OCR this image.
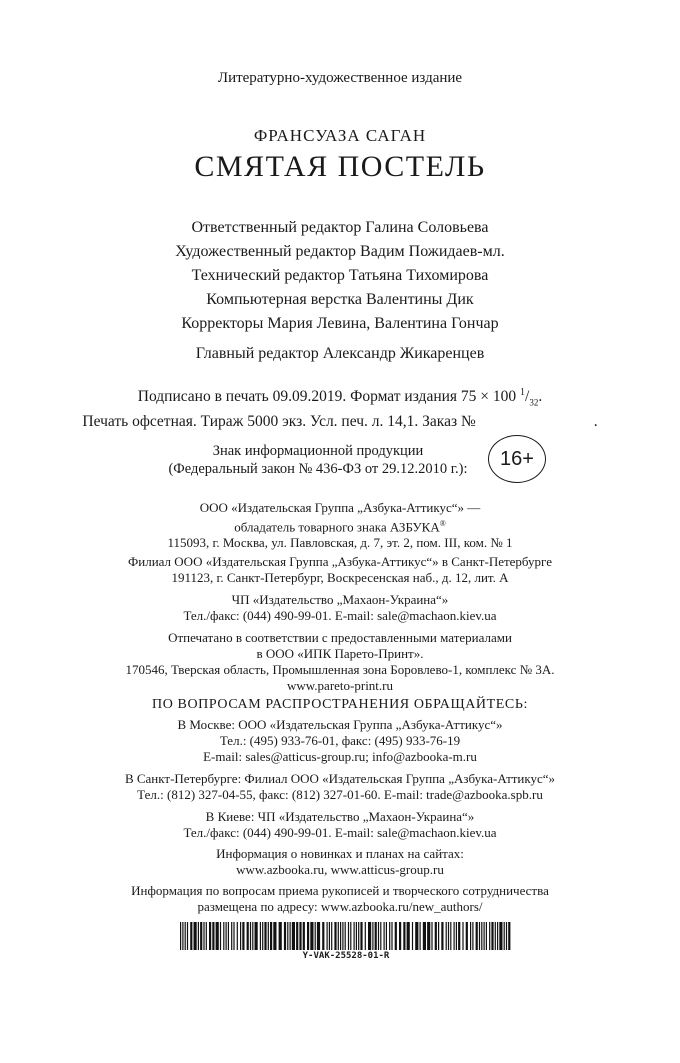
Литературно-художественное издание
ФРАНСУАЗА САГАН
СМЯТАЯ ПОСТЕЛЬ
Ответственный редактор Галина Соловьева
Художественный редактор Вадим Пожидаев-мл.
Технический редактор Татьяна Тихомирова
Компьютерная верстка Валентины Дик
Корректоры Мария Левина, Валентина Гончар
Главный редактор Александр Жикаренцев
Подписано в печать 09.09.2019. Формат издания 75 × 100 $^1/_{32}$.
Печать офсетная. Тираж 5000 экз. Усл. печ. л. 14,1. Заказ №	.
Знак информационной продукции
(Федеральный закон № 436-ФЗ от 29.12.2010 г.):	16+
ООО «Издательская Группа „Азбука-Аттикус“» —
обладатель товарного знака АЗБУКА®
115093, г. Москва, ул. Павловская, д. 7, эт. 2, пом. III, ком. № 1
Филиал ООО «Издательская Группа „Азбука-Аттикус“» в Санкт-Петербурге
191123, г. Санкт-Петербург, Воскресенская наб., д. 12, лит. А
ЧП «Издательство „Махаон-Украина“»
Тел./факс: (044) 490-99-01. E-mail: sale@machaon.kiev.ua
Отпечатано в соответствии с предоставленными материалами
в ООО «ИПК Парето-Принт».
170546, Тверская область, Промышленная зона Боровлево-1, комплекс № 3А.
www.pareto-print.ru
ПО ВОПРОСАМ РАСПРОСТРАНЕНИЯ ОБРАЩАЙТЕСЬ:
В Москве: ООО «Издательская Группа „Азбука-Аттикус“»
Тел.: (495) 933-76-01, факс: (495) 933-76-19
E-mail: sales@atticus-group.ru; info@azbooka-m.ru
В Санкт-Петербурге: Филиал ООО «Издательская Группа „Азбука-Аттикус“»
Тел.: (812) 327-04-55, факс: (812) 327-01-60. E-mail: trade@azbooka.spb.ru
В Киеве: ЧП «Издательство „Махаон-Украина“»
Тел./факс: (044) 490-99-01. E-mail: sale@machaon.kiev.ua
Информация о новинках и планах на сайтах:
www.azbooka.ru, www.atticus-group.ru
Информация по вопросам приема рукописей и творческого сотрудничества
размещена по адресу: www.azbooka.ru/new_authors/
Y-VAK-25528-01-R
